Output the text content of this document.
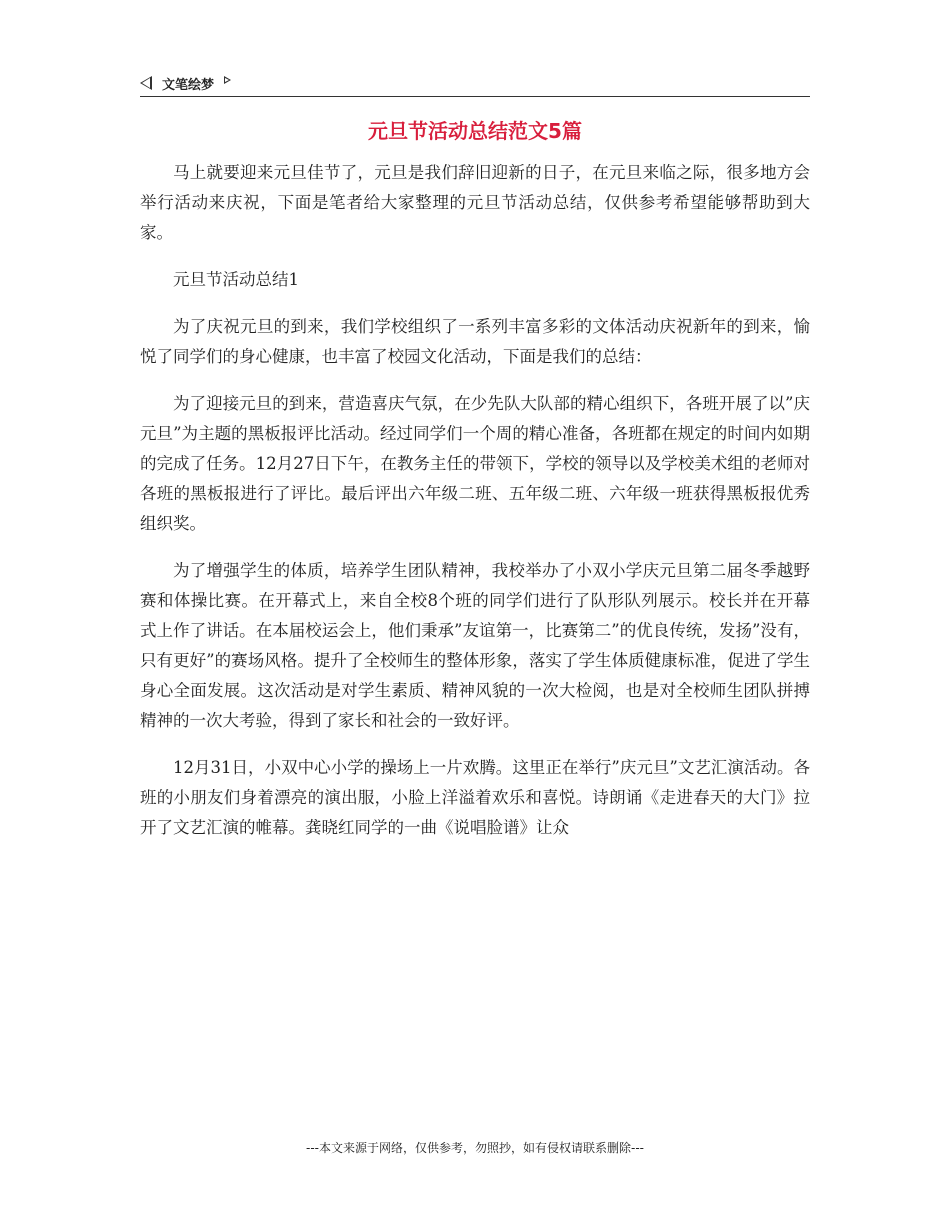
文笔绘梦
元旦节活动总结范文5篇

马上就要迎来元旦佳节了，元旦是我们辞旧迎新的日子，在元旦来临之际，很多地方会举行活动来庆祝，下面是笔者给大家整理的元旦节活动总结，仅供参考希望能够帮助到大家。

元旦节活动总结1

为了庆祝元旦的到来，我们学校组织了一系列丰富多彩的文体活动庆祝新年的到来，愉悦了同学们的身心健康，也丰富了校园文化活动，下面是我们的总结：

为了迎接元旦的到来，营造喜庆气氛，在少先队大队部的精心组织下，各班开展了以”庆元旦”为主题的黑板报评比活动。经过同学们一个周的精心准备，各班都在规定的时间内如期的完成了任务。12月27日下午，在教务主任的带领下，学校的领导以及学校美术组的老师对各班的黑板报进行了评比。最后评出六年级二班、五年级二班、六年级一班获得黑板报优秀组织奖。

为了增强学生的体质，培养学生团队精神，我校举办了小双小学庆元旦第二届冬季越野赛和体操比赛。在开幕式上，来自全校8个班的同学们进行了队形队列展示。校长并在开幕式上作了讲话。在本届校运会上，他们秉承”友谊第一，比赛第二”的优良传统，发扬”没有，只有更好”的赛场风格。提升了全校师生的整体形象，落实了学生体质健康标准，促进了学生身心全面发展。这次活动是对学生素质、精神风貌的一次大检阅，也是对全校师生团队拼搏精神的一次大考验，得到了家长和社会的一致好评。

12月31日，小双中心小学的操场上一片欢腾。这里正在举行”庆元旦”文艺汇演活动。各班的小朋友们身着漂亮的演出服，小脸上洋溢着欢乐和喜悦。诗朗诵《走进春天的大门》拉开了文艺汇演的帷幕。龚晓红同学的一曲《说唱脸谱》让众

---本文来源于网络，仅供参考，勿照抄，如有侵权请联系删除---
